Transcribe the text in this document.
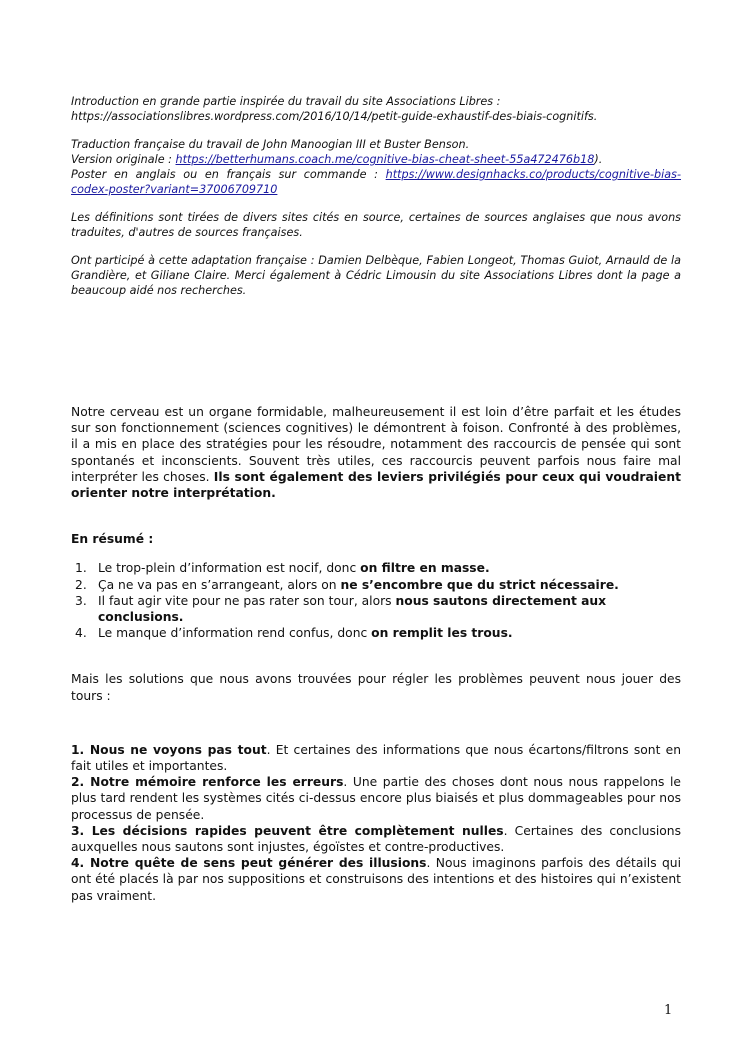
Introduction en grande partie inspirée du travail du site Associations Libres :
https://associationslibres.wordpress.com/2016/10/14/petit-guide-exhaustif-des-biais-cognitifs.

Traduction française du travail de John Manoogian III et Buster Benson.
Version originale : https://betterhumans.coach.me/cognitive-bias-cheat-sheet-55a472476b18).
Poster en anglais ou en français sur commande : https://www.designhacks.co/products/cognitive-bias-codex-poster?variant=37006709710

Les définitions sont tirées de divers sites cités en source, certaines de sources anglaises que nous avons traduites, d'autres de sources françaises.

Ont participé à cette adaptation française : Damien Delbèque, Fabien Longeot, Thomas Guiot, Arnauld de la Grandière, et Giliane Claire. Merci également à Cédric Limousin du site Associations Libres dont la page a beaucoup aidé nos recherches.

Notre cerveau est un organe formidable, malheureusement il est loin d’être parfait et les études sur son fonctionnement (sciences cognitives) le démontrent à foison. Confronté à des problèmes, il a mis en place des stratégies pour les résoudre, notamment des raccourcis de pensée qui sont spontanés et inconscients. Souvent très utiles, ces raccourcis peuvent parfois nous faire mal interpréter les choses. Ils sont également des leviers privilégiés pour ceux qui voudraient orienter notre interprétation.

En résumé :

1. Le trop-plein d’information est nocif, donc on filtre en masse.
2. Ça ne va pas en s’arrangeant, alors on ne s’encombre que du strict nécessaire.
3. Il faut agir vite pour ne pas rater son tour, alors nous sautons directement aux conclusions.
4. Le manque d’information rend confus, donc on remplit les trous.

Mais les solutions que nous avons trouvées pour régler les problèmes peuvent nous jouer des tours :

1. Nous ne voyons pas tout. Et certaines des informations que nous écartons/filtrons sont en fait utiles et importantes.
2. Notre mémoire renforce les erreurs. Une partie des choses dont nous nous rappelons le plus tard rendent les systèmes cités ci-dessus encore plus biaisés et plus dommageables pour nos processus de pensée.
3. Les décisions rapides peuvent être complètement nulles. Certaines des conclusions auxquelles nous sautons sont injustes, égoïstes et contre-productives.
4. Notre quête de sens peut générer des illusions. Nous imaginons parfois des détails qui ont été placés là par nos suppositions et construisons des intentions et des histoires qui n’existent pas vraiment.

1
